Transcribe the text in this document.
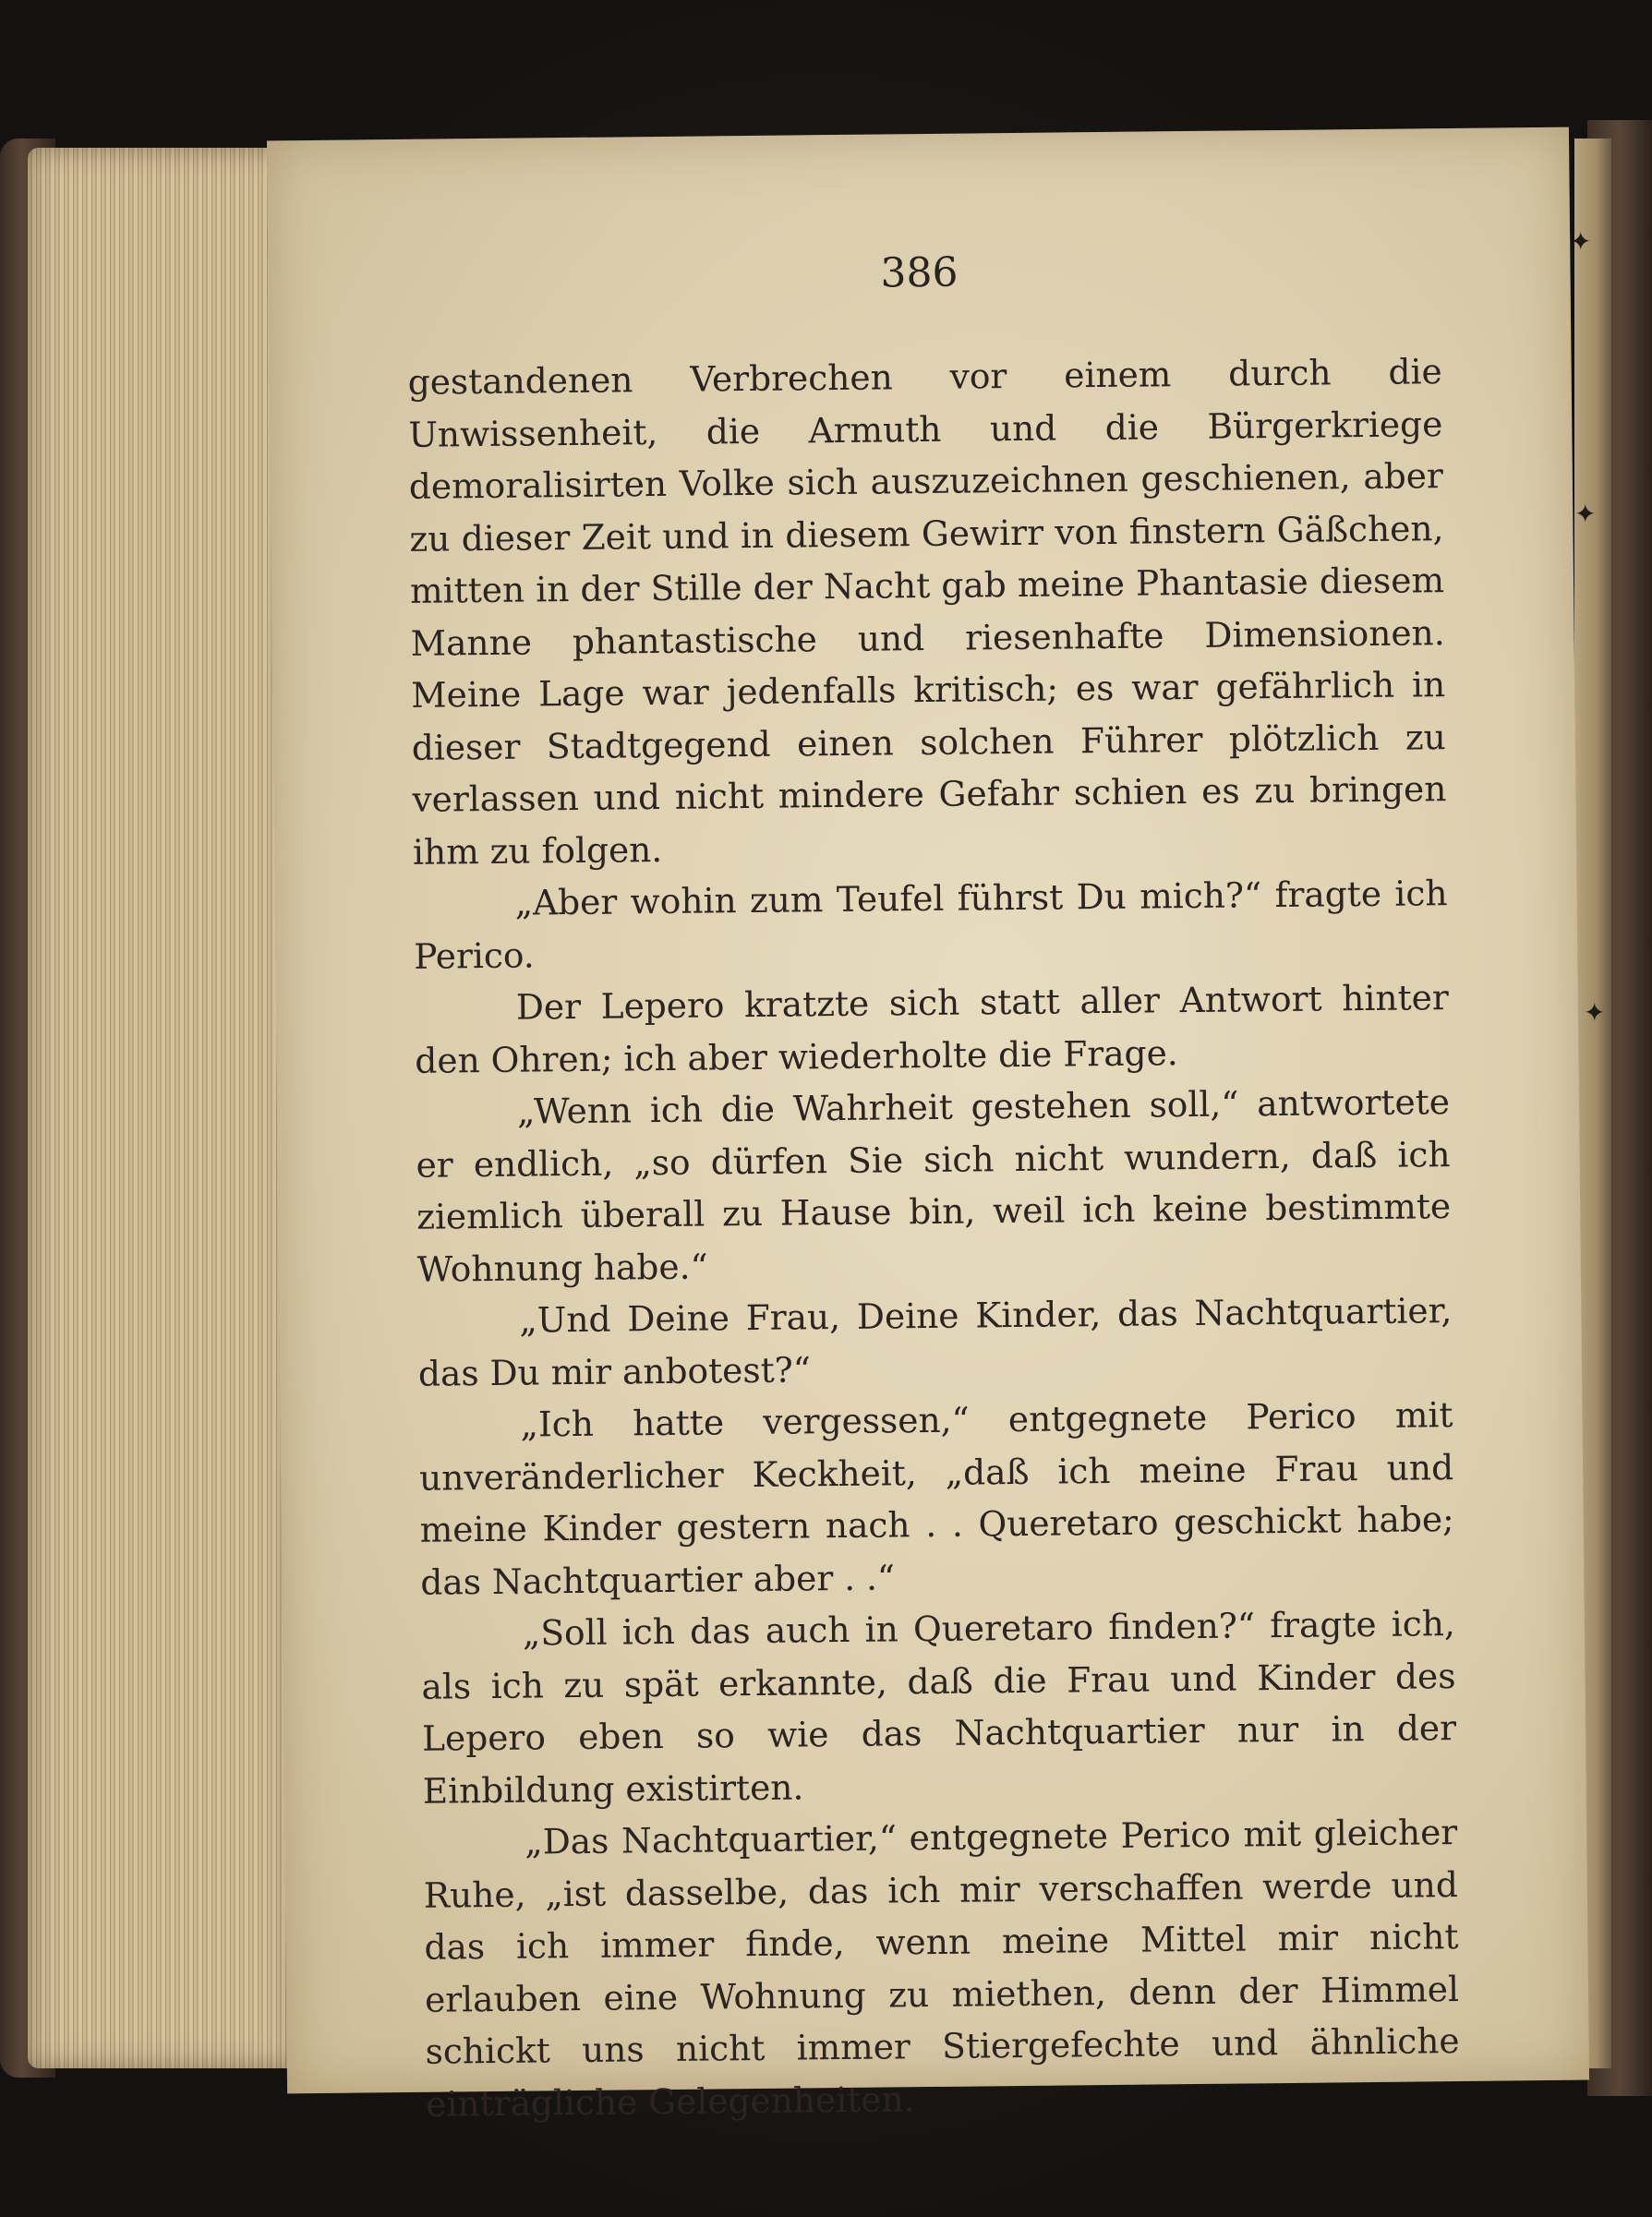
386

gestandenen Verbrechen vor einem durch die Unwissenheit, die Armuth und die Bürgerkriege demoralisirten Volke sich auszuzeichnen geschienen, aber zu dieser Zeit und in diesem Gewirr von finstern Gäßchen, mitten in der Stille der Nacht gab meine Phantasie diesem Manne phantastische und riesenhafte Dimensionen. Meine Lage war jedenfalls kritisch; es war gefährlich in dieser Stadtgegend einen solchen Führer plötzlich zu verlassen und nicht mindere Gefahr schien es zu bringen ihm zu folgen.

„Aber wohin zum Teufel führst Du mich?“ fragte ich Perico.

Der Lepero kratzte sich statt aller Antwort hinter den Ohren; ich aber wiederholte die Frage.

„Wenn ich die Wahrheit gestehen soll,“ antwortete er endlich, „so dürfen Sie sich nicht wundern, daß ich ziemlich überall zu Hause bin, weil ich keine bestimmte Wohnung habe.“

„Und Deine Frau, Deine Kinder, das Nachtquartier, das Du mir anbotest?“

„Ich hatte vergessen,“ entgegnete Perico mit unveränderlicher Keckheit, „daß ich meine Frau und meine Kinder gestern nach . . Queretaro geschickt habe; das Nachtquartier aber . .“

„Soll ich das auch in Queretaro finden?“ fragte ich, als ich zu spät erkannte, daß die Frau und Kinder des Lepero eben so wie das Nachtquartier nur in der Einbildung existirten.

„Das Nachtquartier,“ entgegnete Perico mit gleicher Ruhe, „ist dasselbe, das ich mir verschaffen werde und das ich immer finde, wenn meine Mittel mir nicht erlauben eine Wohnung zu miethen, denn der Himmel schickt uns nicht immer Stiergefechte und ähnliche einträgliche Gelegenheiten.

✦
✦
✦
